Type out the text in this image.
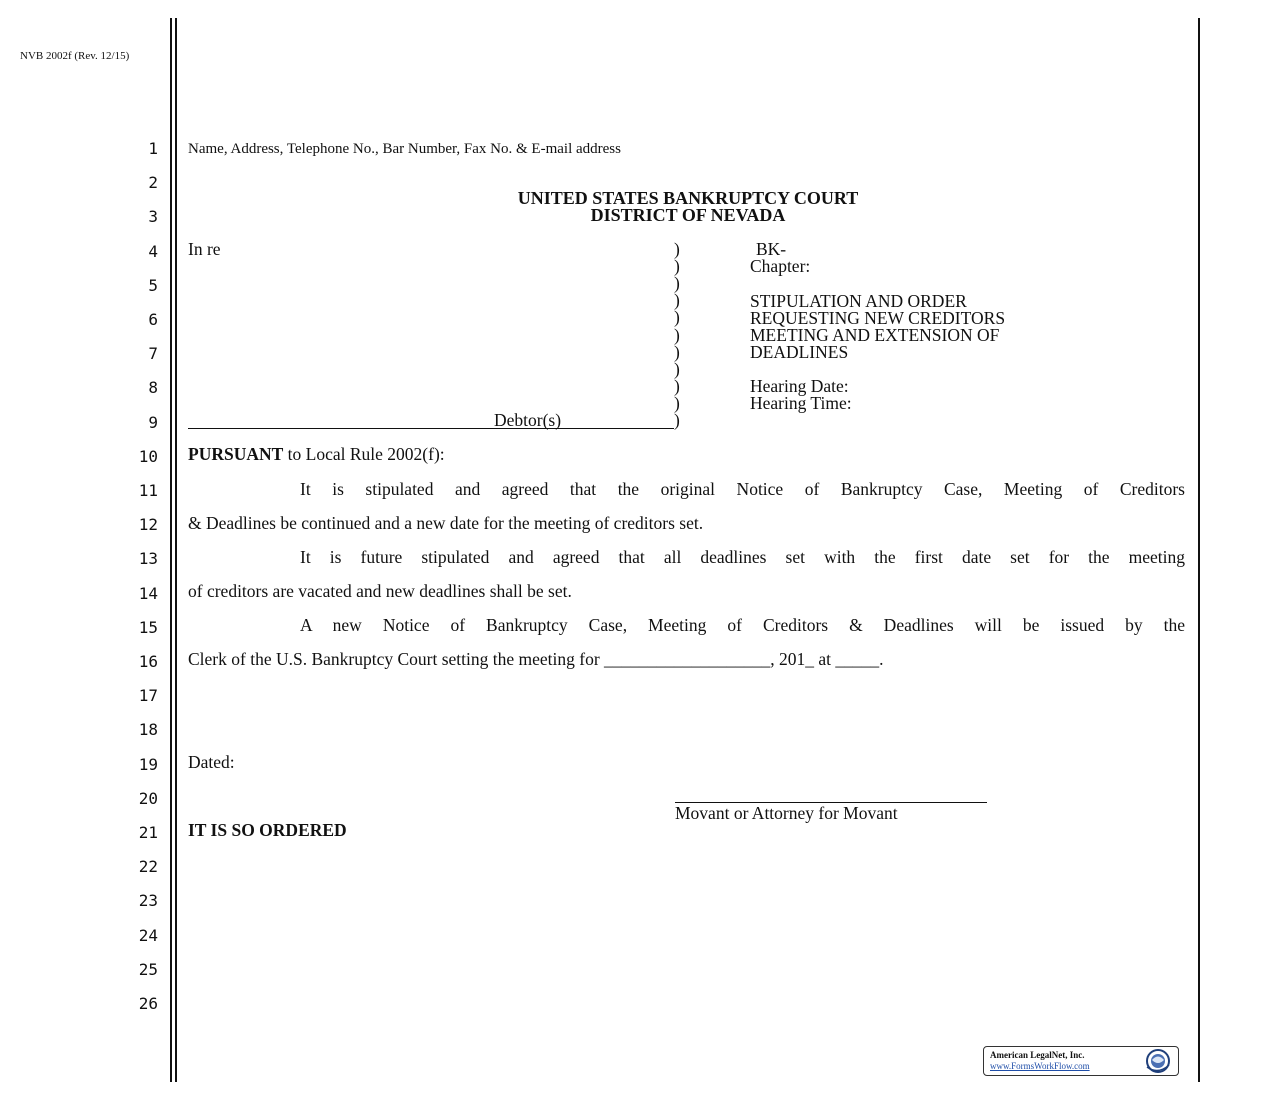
NVB 2002f (Rev. 12/15)
1
2
3
4
5
6
7
8
9
10
11
12
13
14
15
16
17
18
19
20
21
22
23
24
25
26
Name, Address, Telephone No., Bar Number, Fax No. & E-mail address
UNITED STATES BANKRUPTCY COURT
DISTRICT OF NEVADA
In re
Debtor(s)
)
)
)
)
)
)
)
)
)
)
)
BK-
Chapter:
STIPULATION AND ORDER
REQUESTING NEW CREDITORS
MEETING AND EXTENSION OF
DEADLINES
Hearing Date:
Hearing Time:
PURSUANT to Local Rule 2002(f):
It is stipulated and agreed that the original Notice of Bankruptcy Case, Meeting of Creditors
& Deadlines be continued and a new date for the meeting of creditors set.
It is future stipulated and agreed that all deadlines set with the first date set for the meeting
of creditors are vacated and new deadlines shall be set.
A new Notice of Bankruptcy Case, Meeting of Creditors & Deadlines will be issued by the
Clerk of the U.S. Bankruptcy Court setting the meeting for ___________________, 201_ at _____.
Dated:
Movant or Attorney for Movant
IT IS SO ORDERED
American LegalNet, Inc.
www.FormsWorkFlow.com
